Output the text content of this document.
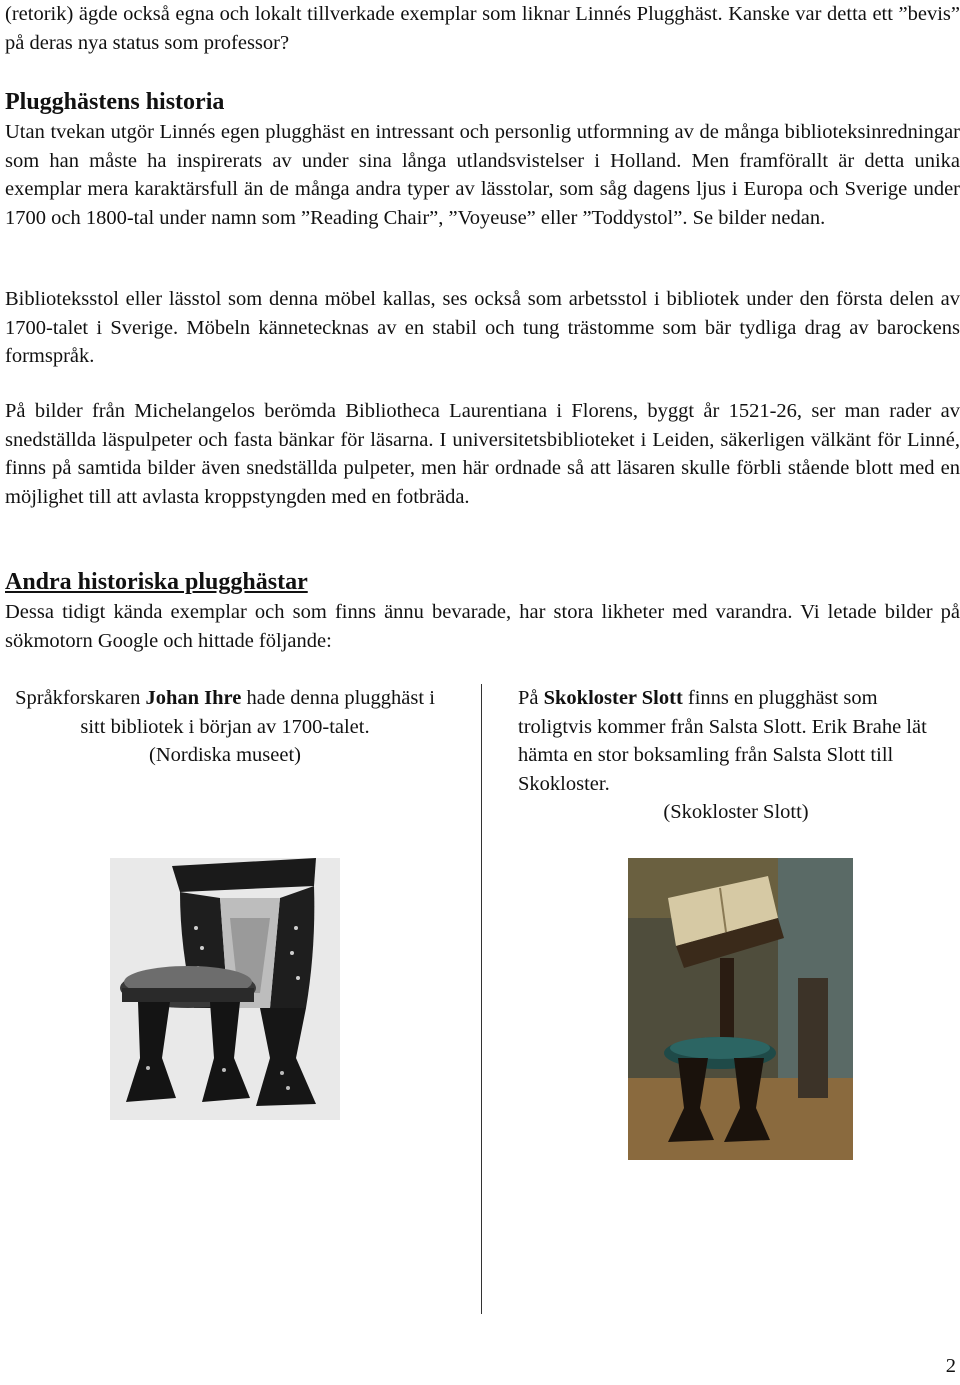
(retorik) ägde också egna och lokalt tillverkade exemplar som liknar Linnés Plugghäst. Kanske var detta ett ”bevis” på deras nya status som professor?
Plugghästens historia
Utan tvekan utgör Linnés egen plugghäst en intressant och personlig utformning av de många biblioteksinredningar som han måste ha inspirerats av under sina långa utlandsvistelser i Holland. Men framförallt är detta unika exemplar mera karaktärsfull än de många andra typer av lässtolar, som såg dagens ljus i Europa och Sverige under 1700 och 1800-tal under namn som ”Reading Chair”, ”Voyeuse” eller ”Toddystol”. Se bilder nedan.
Biblioteksstol eller lässtol som denna möbel kallas, ses också som arbetsstol i bibliotek under den första delen av 1700-talet i Sverige. Möbeln kännetecknas av en stabil och tung trästomme som bär tydliga drag av barockens formspråk.
På bilder från Michelangelos berömda Bibliotheca Laurentiana i Florens, byggt år 1521-26, ser man rader av snedställda läspulpeter och fasta bänkar för läsarna. I universitetsbiblioteket i Leiden, säkerligen välkänt för Linné, finns på samtida bilder även snedställda pulpeter, men här ordnade så att läsaren skulle förbli stående blott med en möjlighet till att avlasta kroppstyngden med en fotbräda.
Andra historiska plugghästar
Dessa tidigt kända exemplar och som finns ännu bevarade, har stora likheter med varandra. Vi letade bilder på sökmotorn Google och hittade följande:
Språkforskaren Johan Ihre hade denna plugghäst i sitt bibliotek i början av 1700-talet.
(Nordiska museet)
På Skokloster Slott finns en plugghäst som troligtvis kommer från Salsta Slott. Erik Brahe lät hämta en stor boksamling från Salsta Slott till Skokloster.

(Skokloster Slott)
2
